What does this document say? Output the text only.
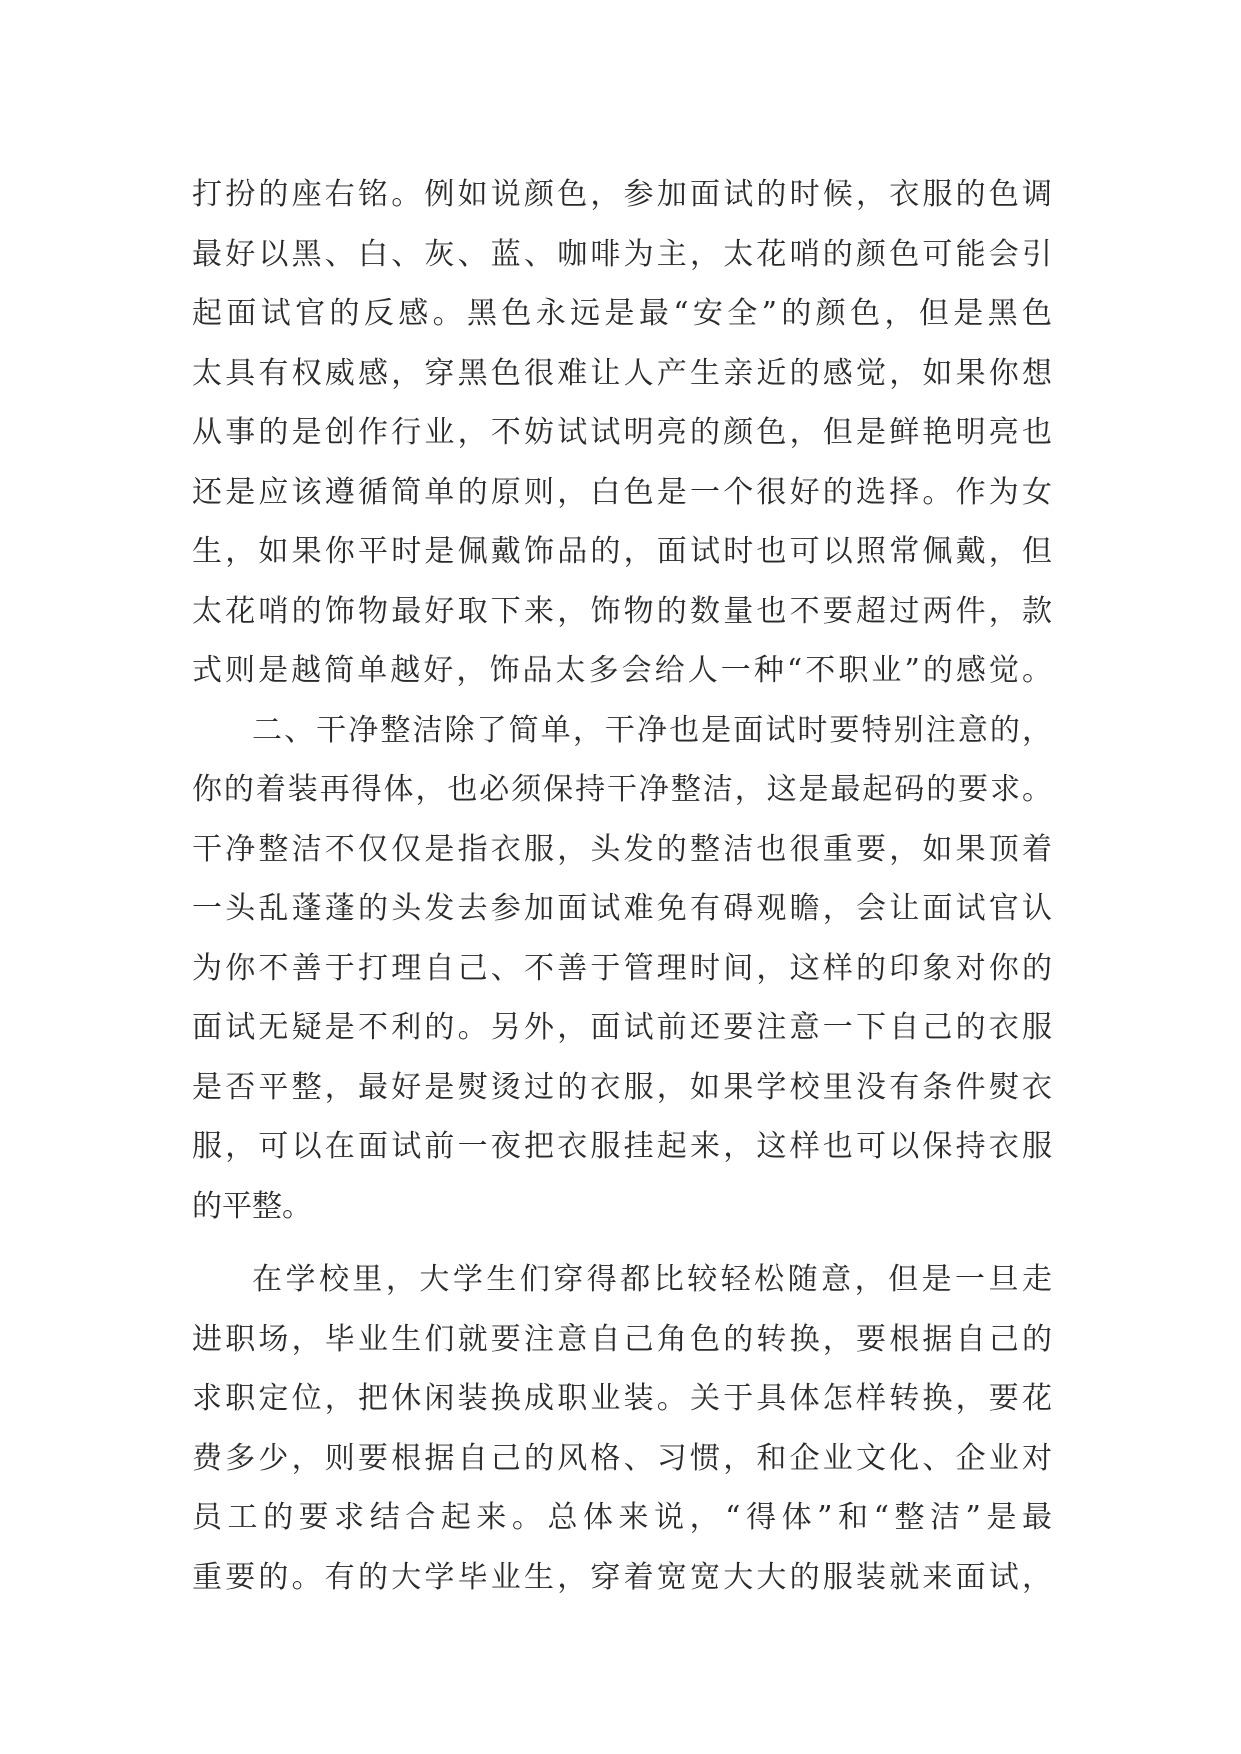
打扮的座右铭。例如说颜色，参加面试的时候，衣服的色调
最好以黑、白、灰、蓝、咖啡为主，太花哨的颜色可能会引
起面试官的反感。黑色永远是最“安全”的颜色，但是黑色
太具有权威感，穿黑色很难让人产生亲近的感觉，如果你想
从事的是创作行业，不妨试试明亮的颜色，但是鲜艳明亮也
还是应该遵循简单的原则，白色是一个很好的选择。作为女
生，如果你平时是佩戴饰品的，面试时也可以照常佩戴，但
太花哨的饰物最好取下来，饰物的数量也不要超过两件，款
式则是越简单越好，饰品太多会给人一种“不职业”的感觉。
二、干净整洁除了简单，干净也是面试时要特别注意的，
你的着装再得体，也必须保持干净整洁，这是最起码的要求。
干净整洁不仅仅是指衣服，头发的整洁也很重要，如果顶着
一头乱蓬蓬的头发去参加面试难免有碍观瞻，会让面试官认
为你不善于打理自己、不善于管理时间，这样的印象对你的
面试无疑是不利的。另外，面试前还要注意一下自己的衣服
是否平整，最好是熨烫过的衣服，如果学校里没有条件熨衣
服，可以在面试前一夜把衣服挂起来，这样也可以保持衣服
的平整。
在学校里，大学生们穿得都比较轻松随意，但是一旦走
进职场，毕业生们就要注意自己角色的转换，要根据自己的
求职定位，把休闲装换成职业装。关于具体怎样转换，要花
费多少，则要根据自己的风格、习惯，和企业文化、企业对
员工的要求结合起来。总体来说，“得体”和“整洁”是最
重要的。有的大学毕业生，穿着宽宽大大的服装就来面试，
